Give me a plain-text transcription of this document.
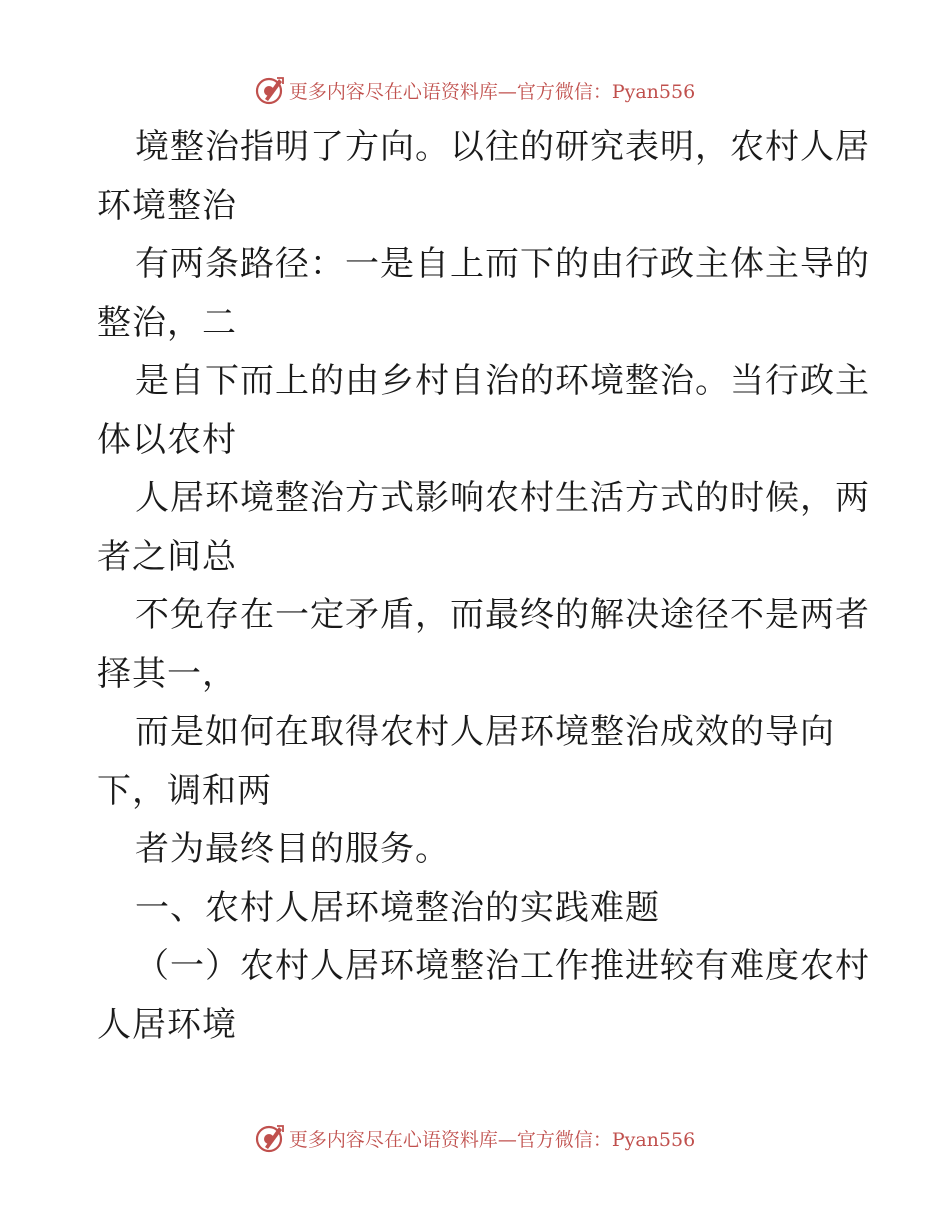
更多内容尽在心语资料库—官方微信：Pyan556

境整治指明了方向。以往的研究表明，农村人居
环境整治

有两条路径：一是自上而下的由行政主体主导的
整治，二

是自下而上的由乡村自治的环境整治。当行政主
体以农村

人居环境整治方式影响农村生活方式的时候，两
者之间总

不免存在一定矛盾，而最终的解决途径不是两者
择其一，

而是如何在取得农村人居环境整治成效的导向
下，调和两

者为最终目的服务。

一、农村人居环境整治的实践难题

（一）农村人居环境整治工作推进较有难度农村
人居环境

更多内容尽在心语资料库—官方微信：Pyan556
